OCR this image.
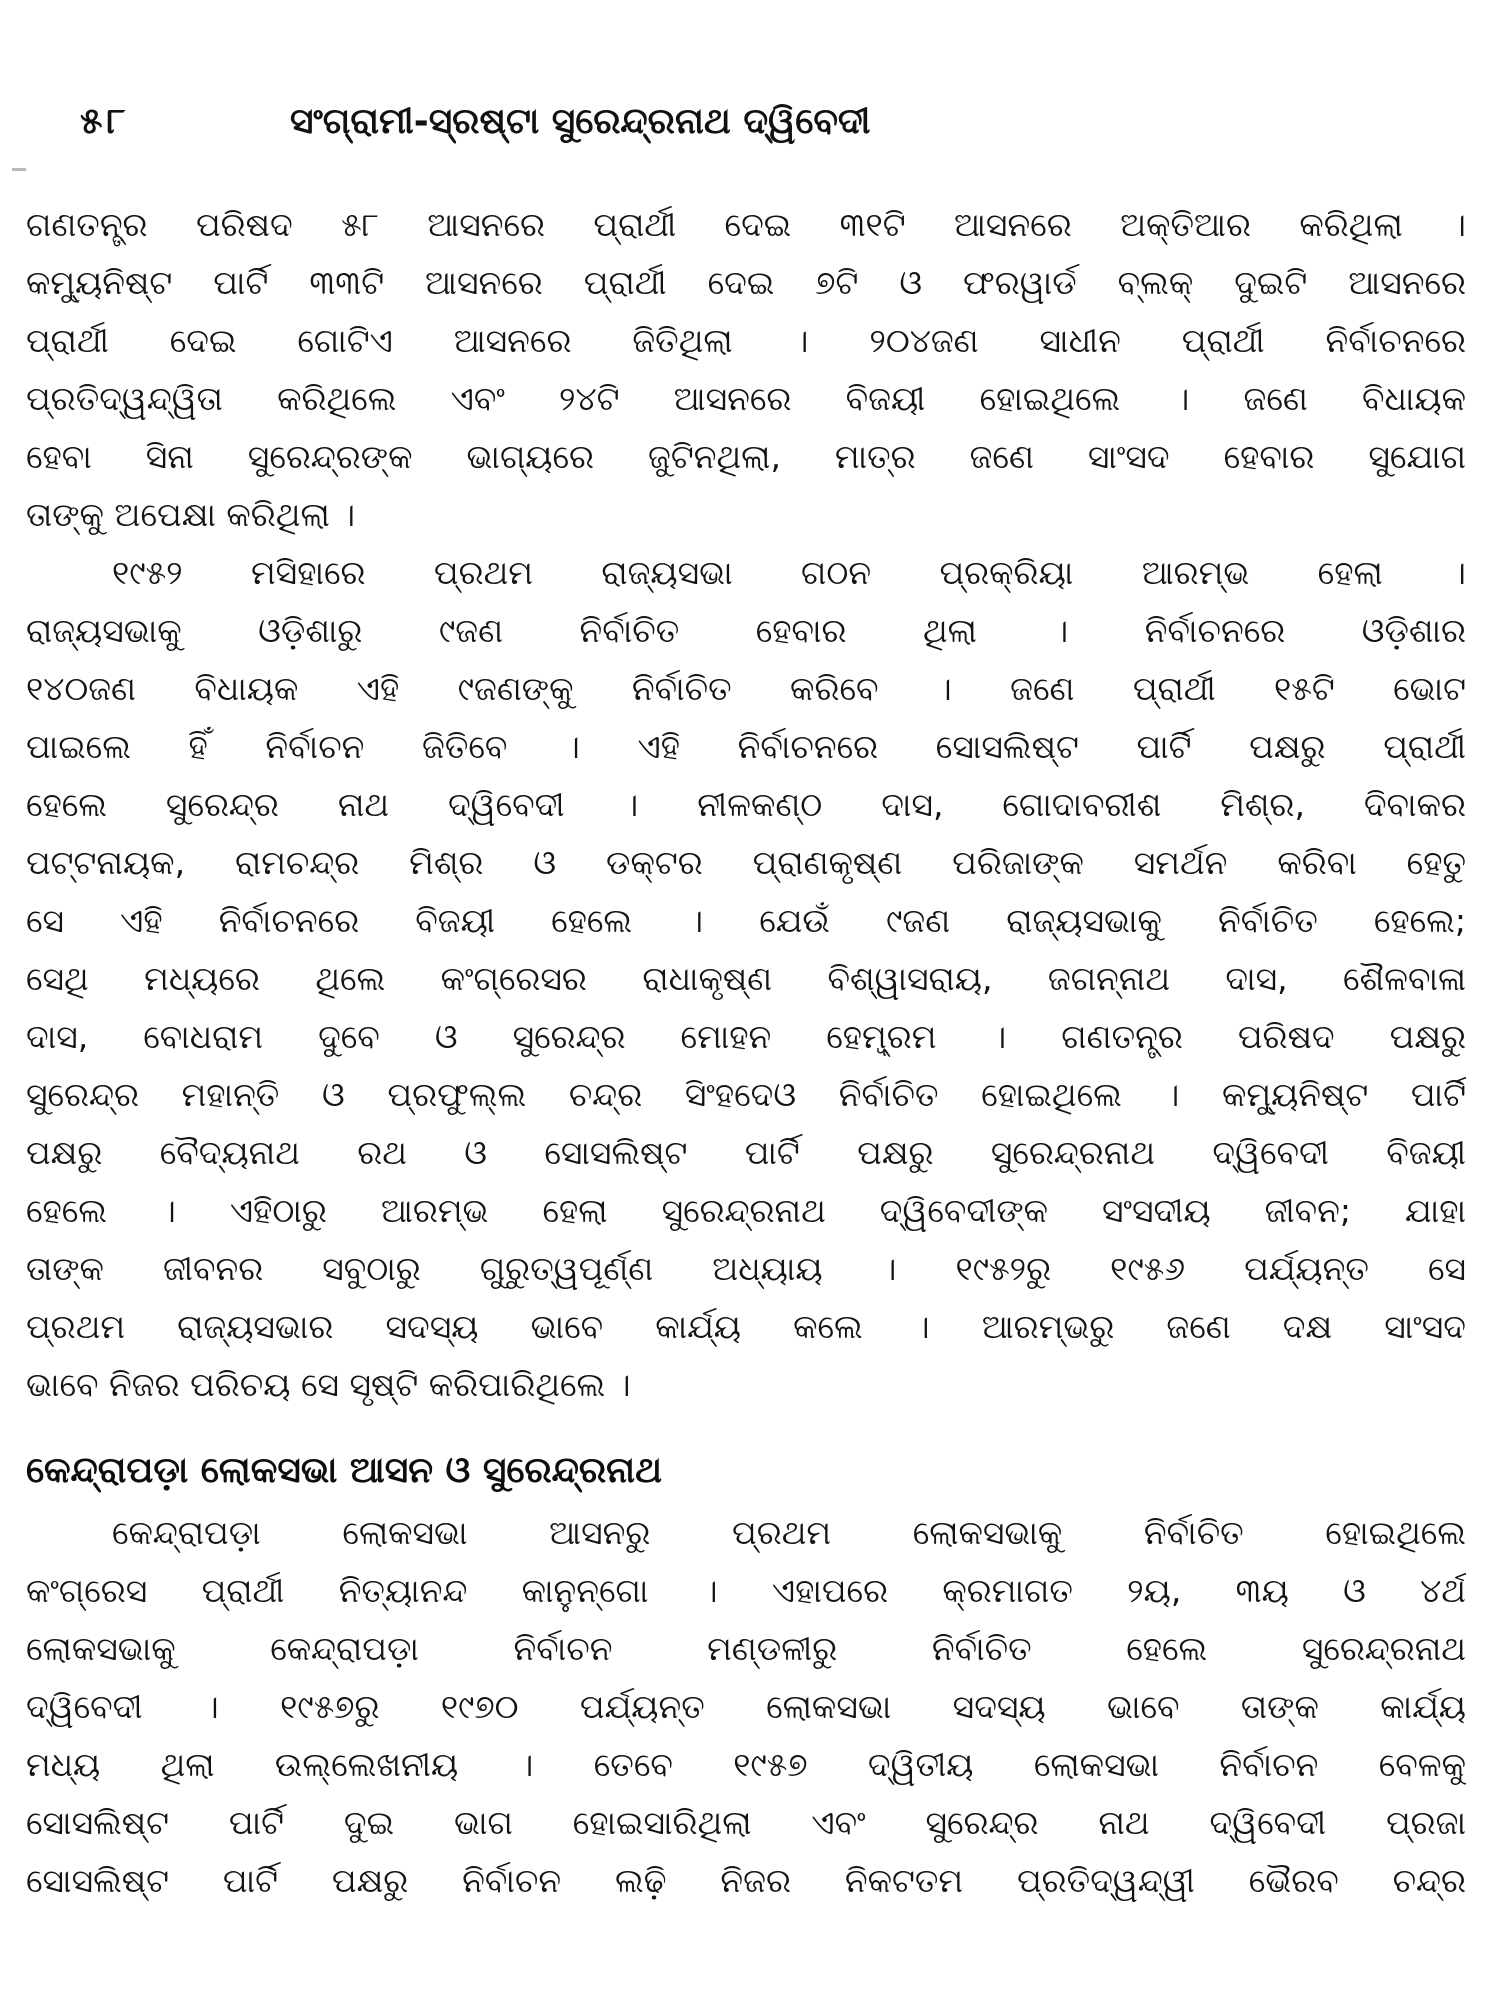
୫୮	ସଂଗ୍ରାମୀ-ସ୍ରଷ୍ଟା ସୁରେନ୍ଦ୍ରନାଥ ଦ୍ୱିବେଦୀ
ଗଣତନ୍ତ୍ର ପରିଷଦ ୫୮ ଆସନରେ ପ୍ରାର୍ଥୀ ଦେଇ ୩୧ଟି ଆସନରେ ଅକ୍ତିଆର କରିଥିଲା ।
କମ୍ୟୁନିଷ୍ଟ ପାର୍ଟି ୩୩ଟି ଆସନରେ ପ୍ରାର୍ଥୀ ଦେଇ ୭ଟି ଓ ଫରୱାର୍ଡ ବ୍ଲକ୍ ଦୁଇଟି ଆସନରେ
ପ୍ରାର୍ଥୀ ଦେଇ ଗୋଟିଏ ଆସନରେ ଜିତିଥିଲା । ୨୦୪ଜଣ ସାଧୀନ ପ୍ରାର୍ଥୀ ନିର୍ବାଚନରେ
ପ୍ରତିଦ୍ୱନ୍ଦ୍ୱିତା କରିଥିଲେ ଏବଂ ୨୪ଟି ଆସନରେ ବିଜୟୀ ହୋଇଥିଲେ । ଜଣେ ବିଧାୟକ
ହେବା ସିନା ସୁରେନ୍ଦ୍ରଙ୍କ ଭାଗ୍ୟରେ ଜୁଟିନଥିଲା, ମାତ୍ର ଜଣେ ସାଂସଦ ହେବାର ସୁଯୋଗ
ତାଙ୍କୁ ଅପେକ୍ଷା କରିଥିଲା ।
୧୯୫୨ ମସିହାରେ ପ୍ରଥମ ରାଜ୍ୟସଭା ଗଠନ ପ୍ରକ୍ରିୟା ଆରମ୍ଭ ହେଲା ।
ରାଜ୍ୟସଭାକୁ ଓଡ଼ିଶାରୁ ୯ଜଣ ନିର୍ବାଚିତ ହେବାର ଥିଲା । ନିର୍ବାଚନରେ ଓଡ଼ିଶାର
୧୪୦ଜଣ ବିଧାୟକ ଏହି ୯ଜଣଙ୍କୁ ନିର୍ବାଚିତ କରିବେ । ଜଣେ ପ୍ରାର୍ଥୀ ୧୫ଟି ଭୋଟ
ପାଇଲେ ହିଁ ନିର୍ବାଚନ ଜିତିବେ । ଏହି ନିର୍ବାଚନରେ ସୋସଲିଷ୍ଟ ପାର୍ଟି ପକ୍ଷରୁ ପ୍ରାର୍ଥୀ
ହେଲେ ସୁରେନ୍ଦ୍ର ନାଥ ଦ୍ୱିବେଦୀ । ନୀଳକଣ୍ଠ ଦାସ, ଗୋଦାବରୀଶ ମିଶ୍ର, ଦିବାକର
ପଟ୍ଟନାୟକ, ରାମଚନ୍ଦ୍ର ମିଶ୍ର ଓ ଡକ୍ଟର ପ୍ରାଣକୃଷ୍ଣ ପରିଜାଙ୍କ ସମର୍ଥନ କରିବା ହେତୁ
ସେ ଏହି ନିର୍ବାଚନରେ ବିଜୟୀ ହେଲେ । ଯେଉଁ ୯ଜଣ ରାଜ୍ୟସଭାକୁ ନିର୍ବାଚିତ ହେଲେ;
ସେଥି ମଧ୍ୟରେ ଥିଲେ କଂଗ୍ରେସର ରାଧାକୃଷ୍ଣ ବିଶ୍ୱାସରାୟ, ଜଗନ୍ନାଥ ଦାସ, ଶୈଳବାଳା
ଦାସ, ବୋଧରାମ ଦୁବେ ଓ ସୁରେନ୍ଦ୍ର ମୋହନ ହେମ୍ବ୍ରମ । ଗଣତନ୍ତ୍ର ପରିଷଦ ପକ୍ଷରୁ
ସୁରେନ୍ଦ୍ର ମହାନ୍ତି ଓ ପ୍ରଫୁଲ୍ଲ ଚନ୍ଦ୍ର ସିଂହଦେଓ ନିର୍ବାଚିତ ହୋଇଥିଲେ । କମ୍ୟୁନିଷ୍ଟ ପାର୍ଟି
ପକ୍ଷରୁ ବୈଦ୍ୟନାଥ ରଥ ଓ ସୋସଲିଷ୍ଟ ପାର୍ଟି ପକ୍ଷରୁ ସୁରେନ୍ଦ୍ରନାଥ ଦ୍ୱିବେଦୀ ବିଜୟୀ
ହେଲେ । ଏହିଠାରୁ ଆରମ୍ଭ ହେଲା ସୁରେନ୍ଦ୍ରନାଥ ଦ୍ୱିବେଦୀଙ୍କ ସଂସଦୀୟ ଜୀବନ; ଯାହା
ତାଙ୍କ ଜୀବନର ସବୁଠାରୁ ଗୁରୁତ୍ୱପୂର୍ଣ୍ଣ ଅଧ୍ୟାୟ । ୧୯୫୨ରୁ ୧୯୫୬ ପର୍ଯ୍ୟନ୍ତ ସେ
ପ୍ରଥମ ରାଜ୍ୟସଭାର ସଦସ୍ୟ ଭାବେ କାର୍ଯ୍ୟ କଲେ । ଆରମ୍ଭରୁ ଜଣେ ଦକ୍ଷ ସାଂସଦ
ଭାବେ ନିଜର ପରିଚୟ ସେ ସୃଷ୍ଟି କରିପାରିଥିଲେ ।
କେନ୍ଦ୍ରାପଡ଼ା ଲୋକସଭା ଆସନ ଓ ସୁରେନ୍ଦ୍ରନାଥ
କେନ୍ଦ୍ରାପଡ଼ା ଲୋକସଭା ଆସନରୁ ପ୍ରଥମ ଲୋକସଭାକୁ ନିର୍ବାଚିତ ହୋଇଥିଲେ
କଂଗ୍ରେସ ପ୍ରାର୍ଥୀ ନିତ୍ୟାନନ୍ଦ କାନୁନ୍‌ଗୋ । ଏହାପରେ କ୍ରମାଗତ ୨ୟ, ୩ୟ ଓ ୪ର୍ଥ
ଲୋକସଭାକୁ କେନ୍ଦ୍ରାପଡ଼ା ନିର୍ବାଚନ ମଣ୍ଡଳୀରୁ ନିର୍ବାଚିତ ହେଲେ ସୁରେନ୍ଦ୍ରନାଥ
ଦ୍ୱିବେଦୀ । ୧୯୫୭ରୁ ୧୯୭୦ ପର୍ଯ୍ୟନ୍ତ ଲୋକସଭା ସଦସ୍ୟ ଭାବେ ତାଙ୍କ କାର୍ଯ୍ୟ
ମଧ୍ୟ ଥିଲା ଉଲ୍ଲେଖନୀୟ । ତେବେ ୧୯୫୭ ଦ୍ୱିତୀୟ ଲୋକସଭା ନିର୍ବାଚନ ବେଳକୁ
ସୋସଲିଷ୍ଟ ପାର୍ଟି ଦୁଇ ଭାଗ ହୋଇସାରିଥିଲା ଏବଂ ସୁରେନ୍ଦ୍ର ନାଥ ଦ୍ୱିବେଦୀ ପ୍ରଜା
ସୋସଲିଷ୍ଟ ପାର୍ଟି ପକ୍ଷରୁ ନିର୍ବାଚନ ଲଢ଼ି ନିଜର ନିକଟତମ ପ୍ରତିଦ୍ୱନ୍ଦ୍ୱୀ ଭୈରବ ଚନ୍ଦ୍ର
